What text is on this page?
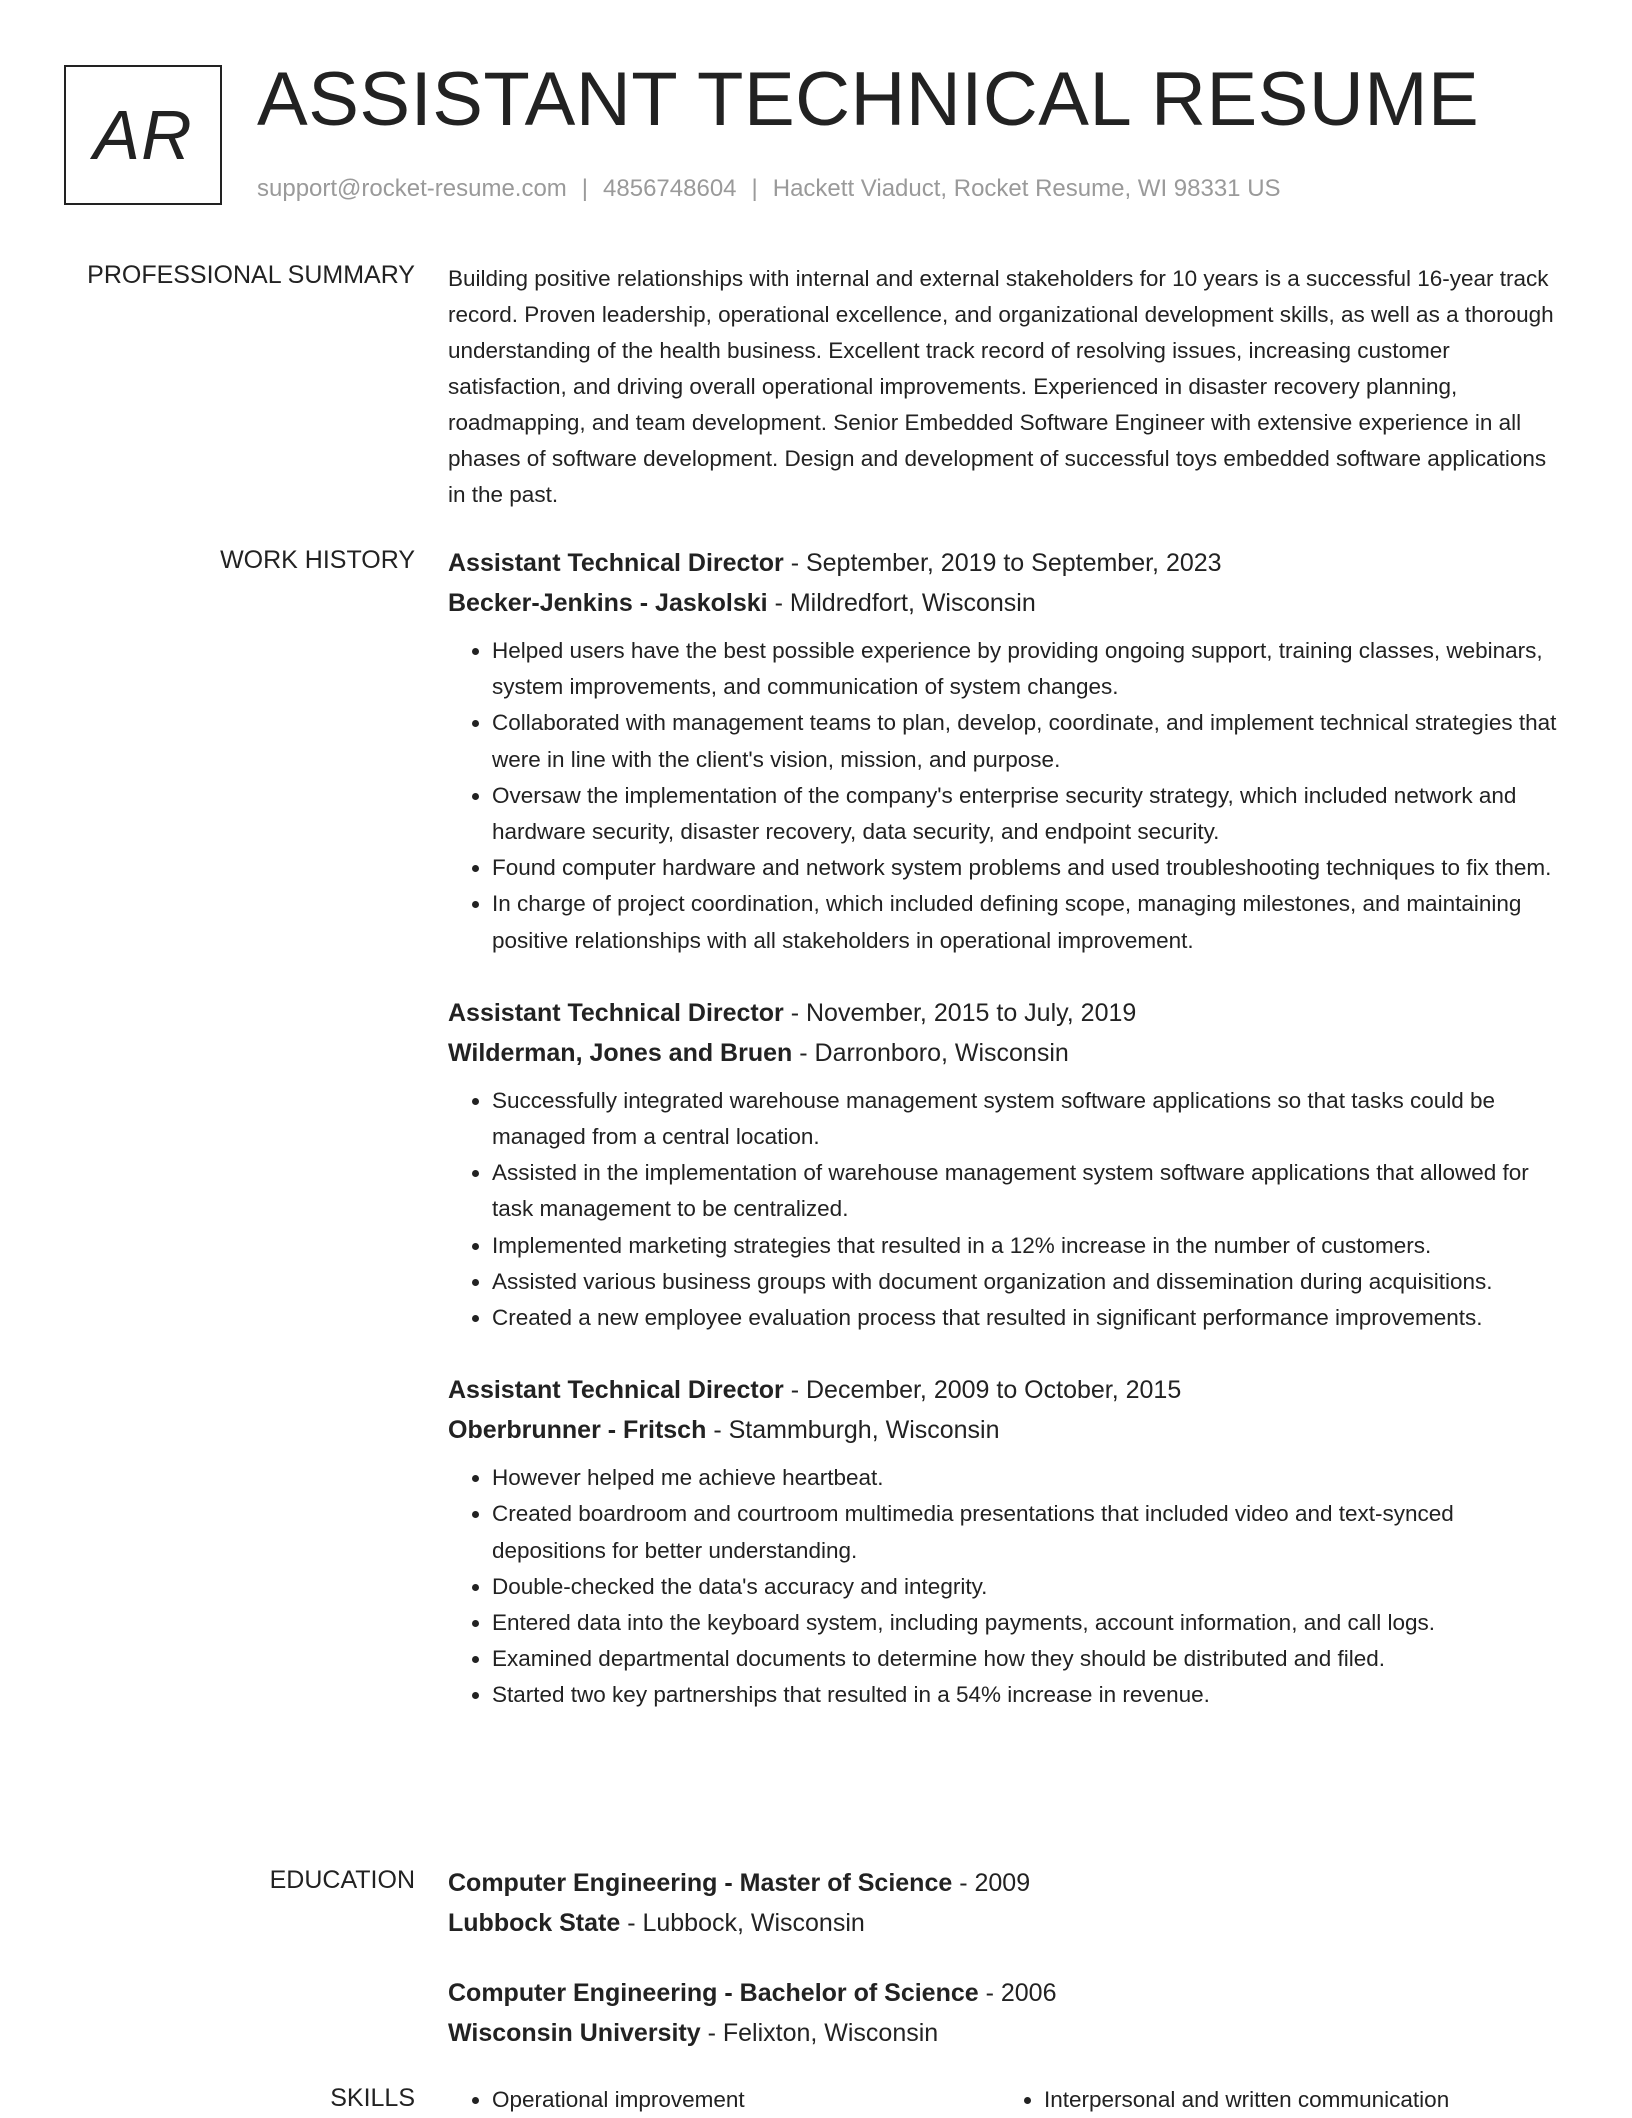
AR ASSISTANT TECHNICAL RESUME
support@rocket-resume.com | 4856748604 | Hackett Viaduct, Rocket Resume, WI 98331 US
PROFESSIONAL SUMMARY Building positive relationships with internal and external stakeholders for 10 years is a successful 16-year track record. Proven leadership, operational excellence, and organizational development skills, as well as a thorough understanding of the health business. Excellent track record of resolving issues, increasing customer satisfaction, and driving overall operational improvements. Experienced in disaster recovery planning, roadmapping, and team development. Senior Embedded Software Engineer with extensive experience in all phases of software development. Design and development of successful toys embedded software applications in the past.

WORK HISTORY Assistant Technical Director - September, 2019 to September, 2023
Becker-Jenkins - Jaskolski - Mildredfort, Wisconsin
• Helped users have the best possible experience by providing ongoing support, training classes, webinars, system improvements, and communication of system changes.
• Collaborated with management teams to plan, develop, coordinate, and implement technical strategies that were in line with the client's vision, mission, and purpose.
• Oversaw the implementation of the company's enterprise security strategy, which included network and hardware security, disaster recovery, data security, and endpoint security.
• Found computer hardware and network system problems and used troubleshooting techniques to fix them.
• In charge of project coordination, which included defining scope, managing milestones, and maintaining positive relationships with all stakeholders in operational improvement.
Assistant Technical Director - November, 2015 to July, 2019
Wilderman, Jones and Bruen - Darronboro, Wisconsin
• Successfully integrated warehouse management system software applications so that tasks could be managed from a central location.
• Assisted in the implementation of warehouse management system software applications that allowed for task management to be centralized.
• Implemented marketing strategies that resulted in a 12% increase in the number of customers.
• Assisted various business groups with document organization and dissemination during acquisitions.
• Created a new employee evaluation process that resulted in significant performance improvements.
Assistant Technical Director - December, 2009 to October, 2015
Oberbrunner - Fritsch - Stammburgh, Wisconsin
• However helped me achieve heartbeat.
• Created boardroom and courtroom multimedia presentations that included video and text-synced depositions for better understanding.
• Double-checked the data's accuracy and integrity.
• Entered data into the keyboard system, including payments, account information, and call logs.
• Examined departmental documents to determine how they should be distributed and filed.
• Started two key partnerships that resulted in a 54% increase in revenue.
EDUCATION Computer Engineering - Master of Science - 2009
Lubbock State - Lubbock, Wisconsin
Computer Engineering - Bachelor of Science - 2006
Wisconsin University - Felixton, Wisconsin
SKILLS	• Operational improvement	• Interpersonal and written communication
